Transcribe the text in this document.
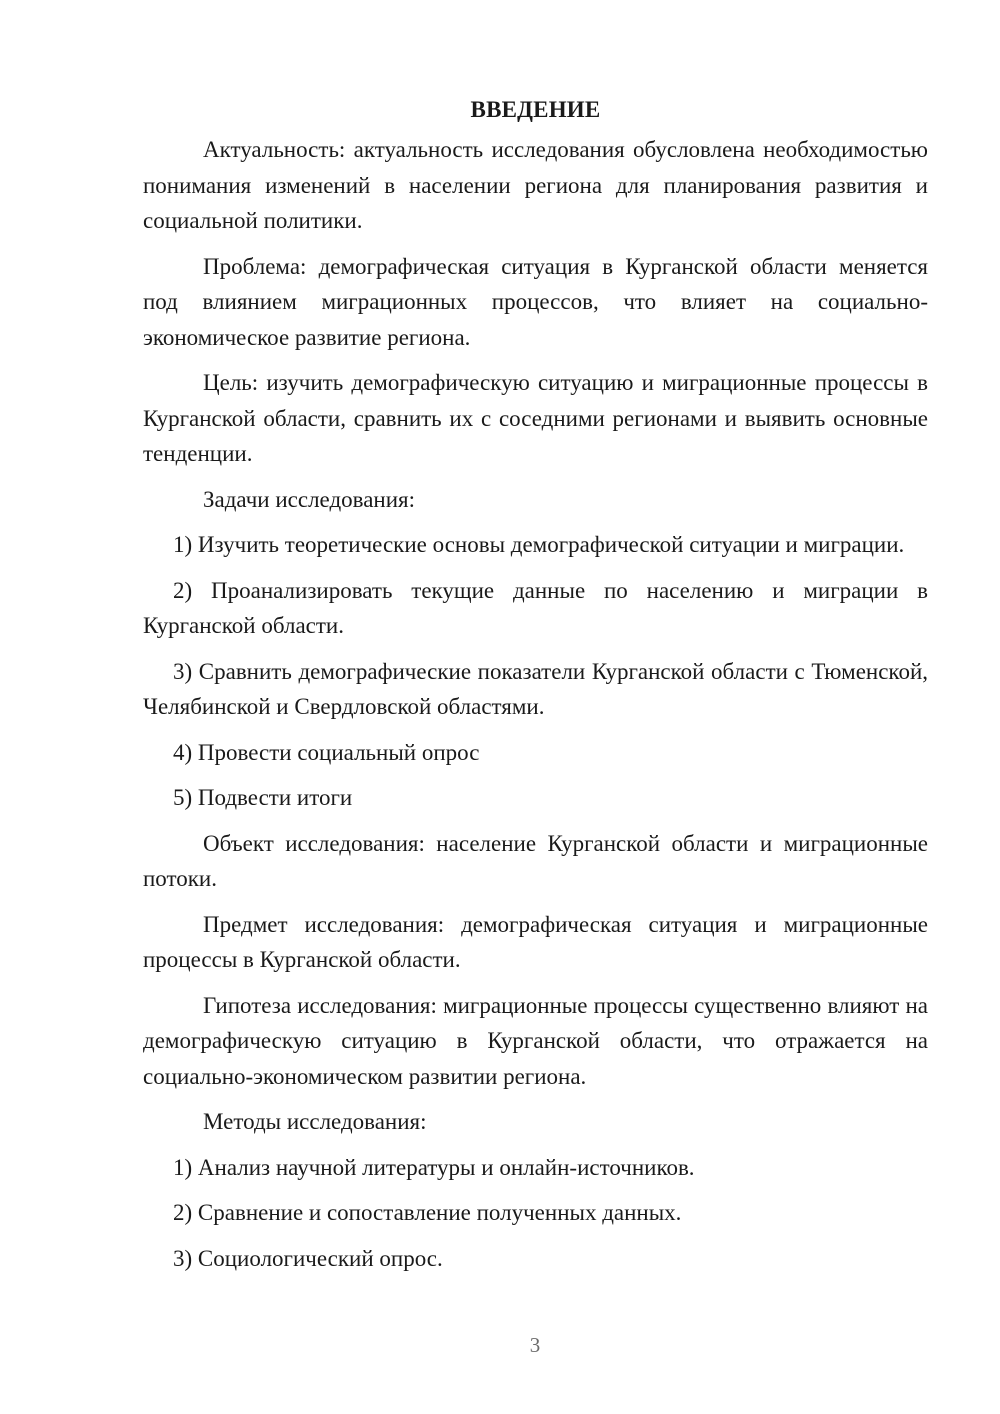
ВВЕДЕНИЕ

Актуальность: актуальность исследования обусловлена необходимостью понимания изменений в населении региона для планирования развития и социальной политики.

Проблема: демографическая ситуация в Курганской области меняется под влиянием миграционных процессов, что влияет на социально-экономическое развитие региона.

Цель: изучить демографическую ситуацию и миграционные процессы в Курганской области, сравнить их с соседними регионами и выявить основные тенденции.

Задачи исследования:

1) Изучить теоретические основы демографической ситуации и миграции.

2) Проанализировать текущие данные по населению и миграции в Курганской области.

3) Сравнить демографические показатели Курганской области с Тюменской, Челябинской и Свердловской областями.

4) Провести социальный опрос

5) Подвести итоги

Объект исследования: население Курганской области и миграционные потоки.

Предмет исследования: демографическая ситуация и миграционные процессы в Курганской области.

Гипотеза исследования: миграционные процессы существенно влияют на демографическую ситуацию в Курганской области, что отражается на социально-экономическом развитии региона.

Методы исследования:

1) Анализ научной литературы и онлайн-источников.

2) Сравнение и сопоставление полученных данных.

3) Социологический опрос.

3
